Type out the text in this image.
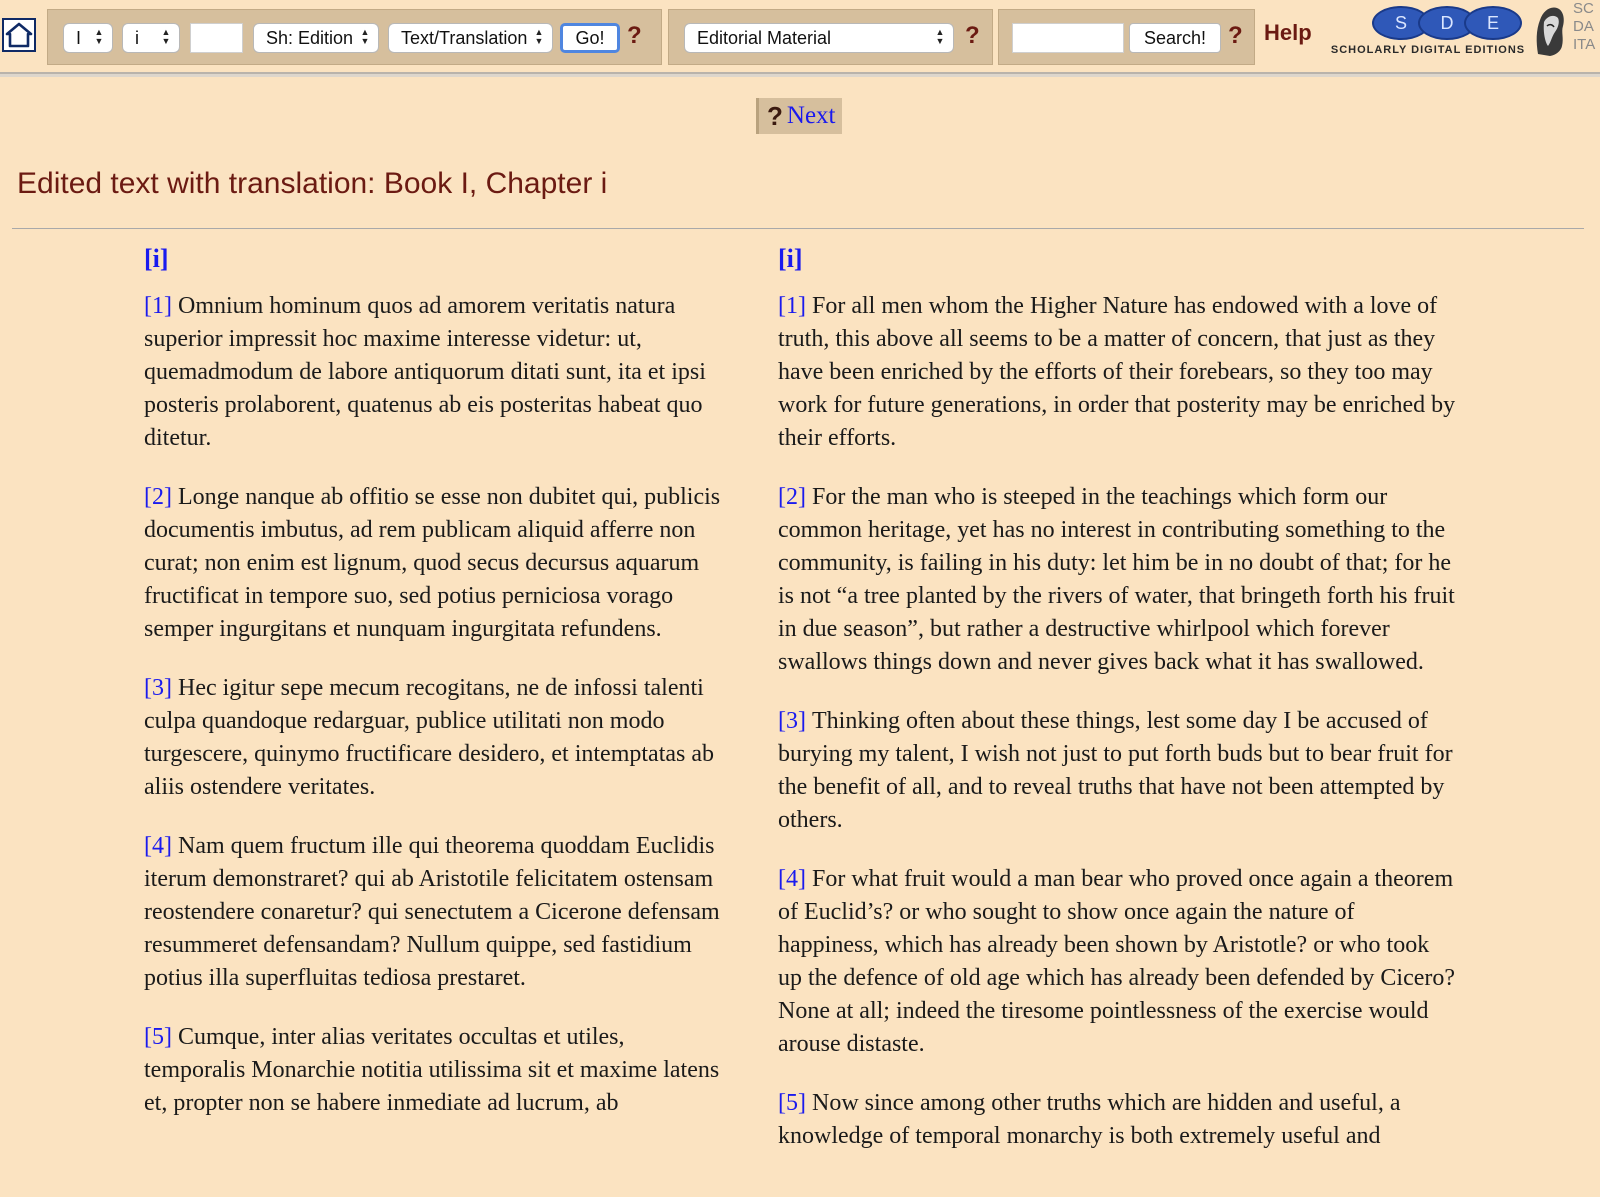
I ▲
▼ i	▲
▼	Sh: Edition ▲
▼ Text/Translation ▲
▼	Go! ?	Editorial Material	▲
▼ ?	Search! ? Help	S	D	E
SCHOLARLY DIGITAL EDITIONS
SC
DA
ITA
? Next
Edited text with translation: Book I, Chapter i
[i]

[1] Omnium hominum quos ad amorem veritatis natura superior impressit hoc maxime interesse videtur: ut, quemadmodum de labore antiquorum ditati sunt, ita et ipsi posteris prolaborent, quatenus ab eis posteritas habeat quo ditetur.

[2] Longe nanque ab offitio se esse non dubitet qui, publicis documentis imbutus, ad rem publicam aliquid afferre non curat; non enim est lignum, quod secus decursus aquarum fructificat in tempore suo, sed potius perniciosa vorago semper ingurgitans et nunquam ingurgitata refundens.

[3] Hec igitur sepe mecum recogitans, ne de infossi talenti culpa quandoque redarguar, publice utilitati non modo turgescere, quinymo fructificare desidero, et intemptatas ab aliis ostendere veritates.

[4] Nam quem fructum ille qui theorema quoddam Euclidis iterum demonstraret? qui ab Aristotile felicitatem ostensam reostendere conaretur? qui senectutem a Cicerone defensam resummeret defensandam? Nullum quippe, sed fastidium potius illa superfluitas tediosa prestaret.

[5] Cumque, inter alias veritates occultas et utiles, temporalis Monarchie notitia utilissima sit et maxime latens et, propter non se habere inmediate ad lucrum, ab

[i]

[1] For all men whom the Higher Nature has endowed with a love of truth, this above all seems to be a matter of concern, that just as they have been enriched by the efforts of their forebears, so they too may work for future generations, in order that posterity may be enriched by their efforts.

[2] For the man who is steeped in the teachings which form our common heritage, yet has no interest in contributing something to the community, is failing in his duty: let him be in no doubt of that; for he is not “a tree planted by the rivers of water, that bringeth forth his fruit in due season”, but rather a destructive whirlpool which forever swallows things down and never gives back what it has swallowed.

[3] Thinking often about these things, lest some day I be accused of burying my talent, I wish not just to put forth buds but to bear fruit for the benefit of all, and to reveal truths that have not been attempted by others.

[4] For what fruit would a man bear who proved once again a theorem of Euclid’s? or who sought to show once again the nature of happiness, which has already been shown by Aristotle? or who took up the defence of old age which has already been defended by Cicero? None at all; indeed the tiresome pointlessness of the exercise would arouse distaste.

[5] Now since among other truths which are hidden and useful, a knowledge of temporal monarchy is both extremely useful and
